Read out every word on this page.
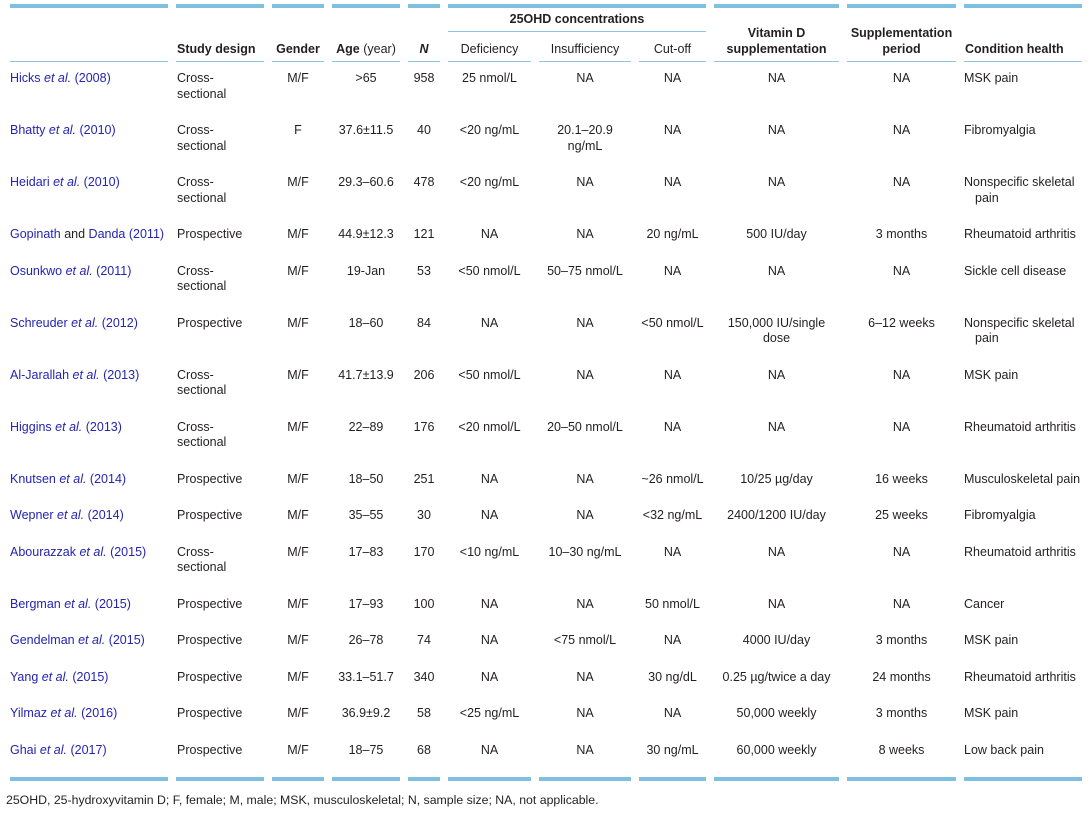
	Study design	Gender	Age (year)	N	25OHD concentrations			Vitamin D supplementation	Supplementation period	Condition health
					Deficiency	Insufficiency	Cut-off			
Hicks et al. (2008)	Cross-sectional	M/F	>65	958	25 nmol/L	NA	NA	NA	NA	MSK pain
Bhatty et al. (2010)	Cross-sectional	F	37.6±11.5	40	<20 ng/mL	20.1–20.9 ng/mL	NA	NA	NA	Fibromyalgia
Heidari et al. (2010)	Cross-sectional	M/F	29.3–60.6	478	<20 ng/mL	NA	NA	NA	NA	Nonspecific skeletal pain
Gopinath and Danda (2011)	Prospective	M/F	44.9±12.3	121	NA	NA	20 ng/mL	500 IU/day	3 months	Rheumatoid arthritis
Osunkwo et al. (2011)	Cross-sectional	M/F	19-Jan	53	<50 nmol/L	50–75 nmol/L	NA	NA	NA	Sickle cell disease
Schreuder et al. (2012)	Prospective	M/F	18–60	84	NA	NA	<50 nmol/L	150,000 IU/single dose	6–12 weeks	Nonspecific skeletal pain
Al-Jarallah et al. (2013)	Cross-sectional	M/F	41.7±13.9	206	<50 nmol/L	NA	NA	NA	NA	MSK pain
Higgins et al. (2013)	Cross-sectional	M/F	22–89	176	<20 nmol/L	20–50 nmol/L	NA	NA	NA	Rheumatoid arthritis
Knutsen et al. (2014)	Prospective	M/F	18–50	251	NA	NA	~26 nmol/L	10/25 µg/day	16 weeks	Musculoskeletal pain
Wepner et al. (2014)	Prospective	M/F	35–55	30	NA	NA	<32 ng/mL	2400/1200 IU/day	25 weeks	Fibromyalgia
Abourazzak et al. (2015)	Cross-sectional	M/F	17–83	170	<10 ng/mL	10–30 ng/mL	NA	NA	NA	Rheumatoid arthritis
Bergman et al. (2015)	Prospective	M/F	17–93	100	NA	NA	50 nmol/L	NA	NA	Cancer
Gendelman et al. (2015)	Prospective	M/F	26–78	74	NA	<75 nmol/L	NA	4000 IU/day	3 months	MSK pain
Yang et al. (2015)	Prospective	M/F	33.1–51.7	340	NA	NA	30 ng/dL	0.25 µg/twice a day	24 months	Rheumatoid arthritis
Yilmaz et al. (2016)	Prospective	M/F	36.9±9.2	58	<25 ng/mL	NA	NA	50,000 weekly	3 months	MSK pain
Ghai et al. (2017)	Prospective	M/F	18–75	68	NA	NA	30 ng/mL	60,000 weekly	8 weeks	Low back pain
25OHD, 25-hydroxyvitamin D; F, female; M, male; MSK, musculoskeletal; N, sample size; NA, not applicable.
